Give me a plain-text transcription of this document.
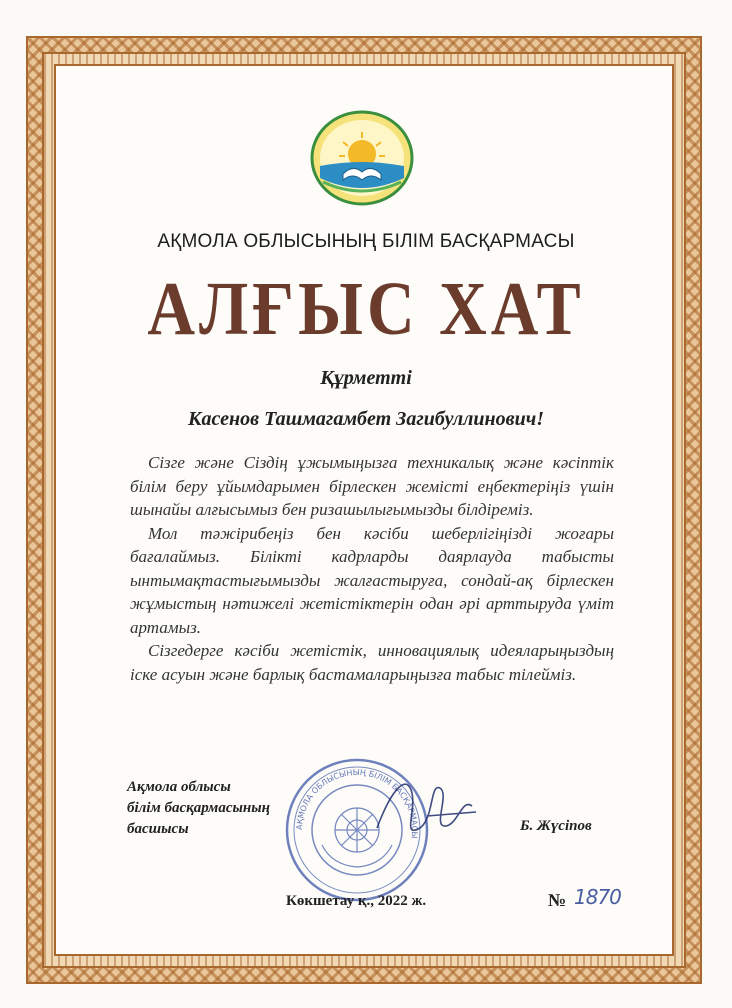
АҚМОЛА ОБЛЫСЫНЫҢ БІЛІМ БАСҚАРМАСЫ
АЛҒЫС ХАТ
Құрметті
Касенов Ташмагамбет Загибуллинович!

Сізге және Сіздің ұжымыңызға техникалық және кәсіптік білім беру ұйымдарымен бірлескен жемісті еңбектеріңіз үшін шынайы алғысымыз бен ризашылығымызды білдіреміз.

Мол тәжірибеңіз бен кәсіби шеберлігіңізді жоғары бағалаймыз. Білікті кадрларды даярлауда табысты ынтымақтастығымызды жалғастыруға, сондай-ақ бірлескен жұмыстың нәтижелі жетістіктерін одан әрі арттыруда үміт артамыз.

Сізгедерге кәсіби жетістік, инновациялық идеяларыңыздың іске асуын және барлық бастамаларыңызға табыс тілейміз.

АҚМОЛА ОБЛЫСЫНЫҢ БІЛІМ БАСҚАРМАСЫ
Ақмола облысы
білім басқармасының
басшысы	Б. Жүсіпов
Көкшетау қ., 2022 ж.	№ 1870
